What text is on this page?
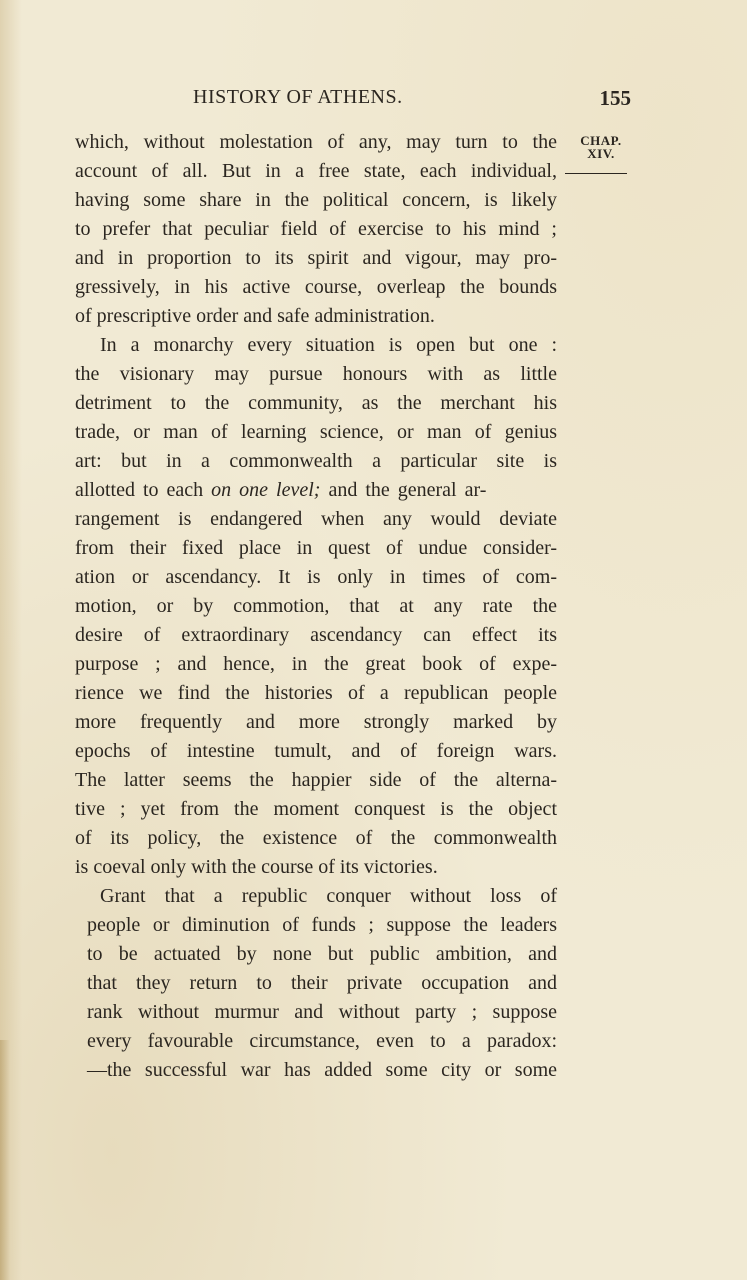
HISTORY OF ATHENS.	155
CHAP.
XIV.
which, without molestation of any, may turn to the
account of all. But in a free state, each individual,
having some share in the political concern, is likely
to prefer that peculiar field of exercise to his mind ;
and in proportion to its spirit and vigour, may pro-
gressively, in his active course, overleap the bounds
of prescriptive order and safe administration.
In a monarchy every situation is open but one :
the visionary may pursue honours with as little
detriment to the community, as the merchant his
trade, or man of learning science, or man of genius
art: but in a commonwealth a particular site is
allotted to each on one level; and the general ar-
rangement is endangered when any would deviate
from their fixed place in quest of undue consider-
ation or ascendancy. It is only in times of com-
motion, or by commotion, that at any rate the
desire of extraordinary ascendancy can effect its
purpose ; and hence, in the great book of expe-
rience we find the histories of a republican people
more frequently and more strongly marked by
epochs of intestine tumult, and of foreign wars.
The latter seems the happier side of the alterna-
tive ; yet from the moment conquest is the object
of its policy, the existence of the commonwealth
is coeval only with the course of its victories.
Grant that a republic conquer without loss of
people or diminution of funds ; suppose the leaders
to be actuated by none but public ambition, and
that they return to their private occupation and
rank without murmur and without party ; suppose
every favourable circumstance, even to a paradox:
—the successful war has added some city or some
